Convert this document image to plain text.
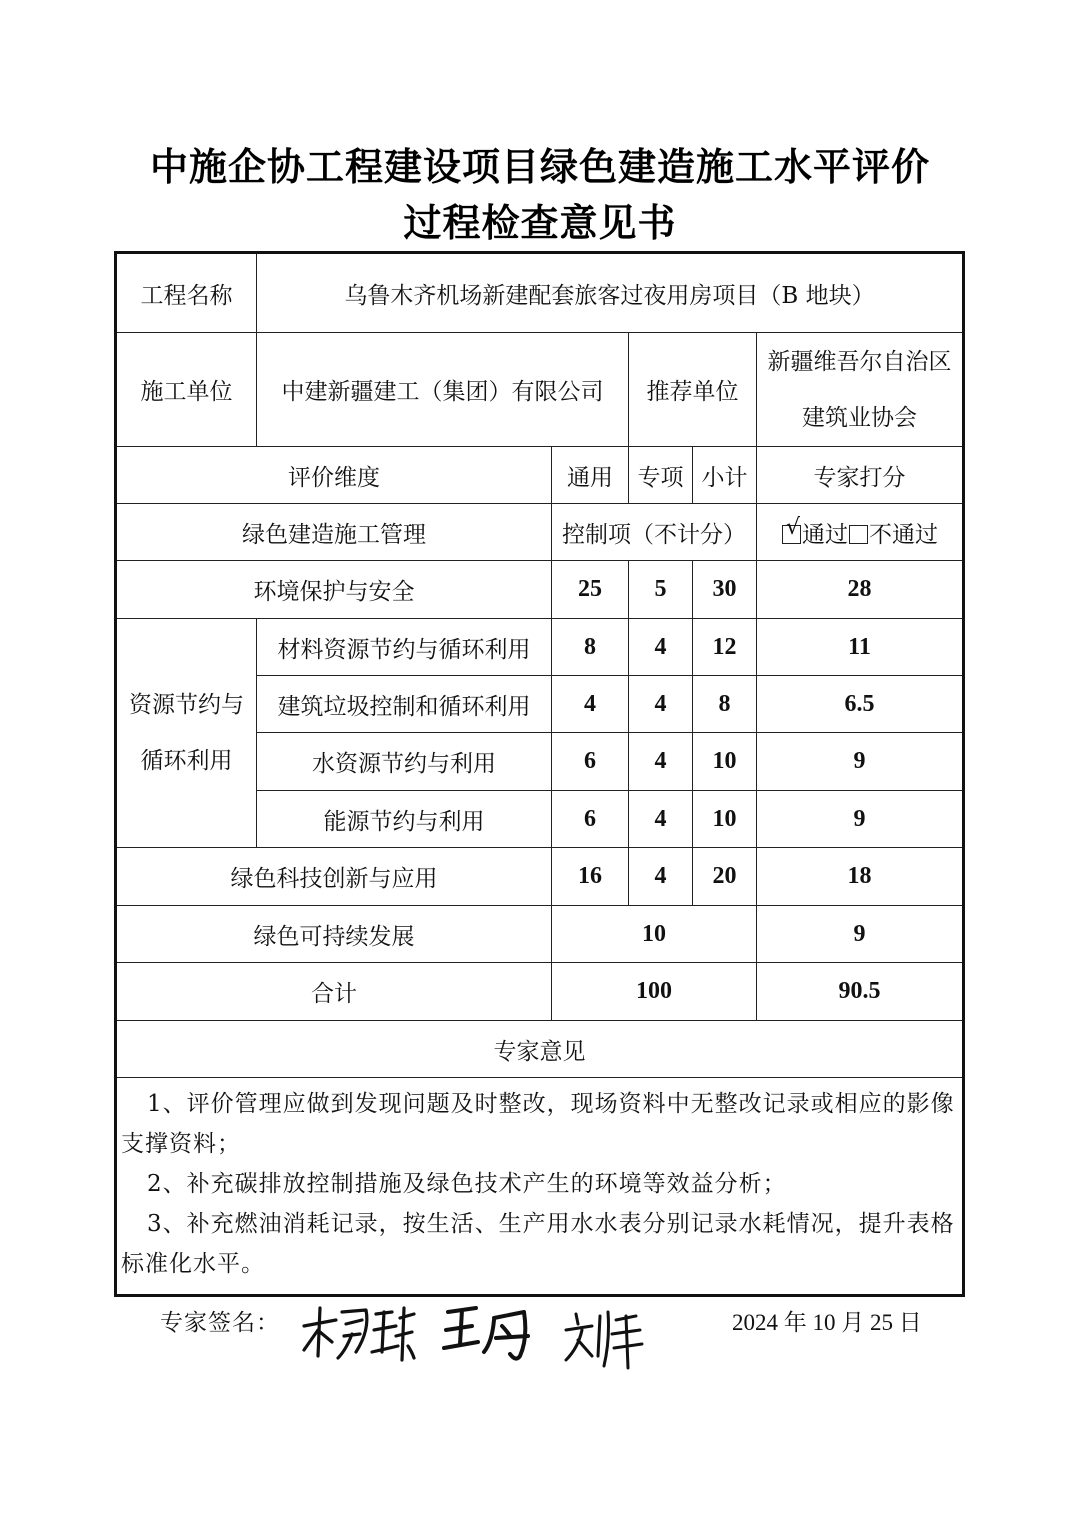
中施企协工程建设项目绿色建造施工水平评价
过程检查意见书
工程名称	乌鲁木齐机场新建配套旅客过夜用房项目（B 地块）				
施工单位	中建新疆建工（集团）有限公司		推荐单位		新疆维吾尔自治区
建筑业协会

评价维度		通用	专项	小计	专家打分
绿色建造施工管理		控制项（不计分）			√ 通过 不通过
环境保护与安全		25	5	30	28

资源节约与
循环利用	材料资源节约与循环利用	8	4	12	11
	建筑垃圾控制和循环利用	4	4	8	6.5
	水资源节约与利用	6	4	10	9
	能源节约与利用	6	4	10	9
绿色科技创新与应用		16	4	20	18
绿色可持续发展		10			9
合计		100			90.5
专家意见					

1、评价管理应做到发现问题及时整改，现场资料中无整改记录或相应的影像支撑资料；
2、补充碳排放控制措施及绿色技术产生的环境等效益分析；
3、补充燃油消耗记录，按生活、生产用水水表分别记录水耗情况，提升表格标准化水平。					
专家签名：	2024 年 10 月 25 日
